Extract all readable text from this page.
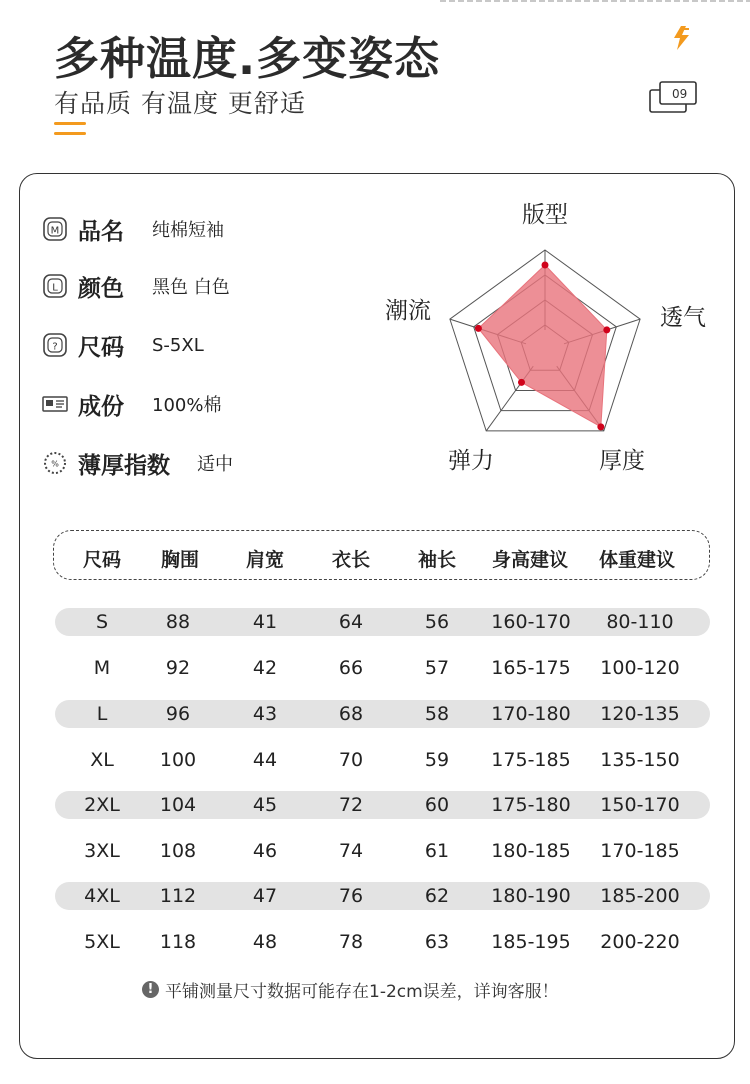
多种温度.多变姿态
有品质 有温度 更舒适	09
M 品名 纯棉短袖
L 颜色 黑色 白色
? 尺码 S-5XL
成份 100%棉
% 薄厚指数 适中
版型
透气
厚度
弹力
潮流
尺码 胸围 肩宽	衣长	袖长 身高建议 体重建议
S	88	41	64	56 160-170 80-110
M	92	42	66	57 165-175 100-120
L	96	43	68	58 170-180 120-135
XL 100	44	70	59 175-185 135-150
2XL 104	45	72	60 175-180 150-170
3XL 108	46	74	61 180-185 170-185
4XL 112	47	76	62 180-190 185-200
5XL 118	48	78	63 185-195 200-220
! 平铺测量尺寸数据可能存在1-2cm误差，详询客服！
